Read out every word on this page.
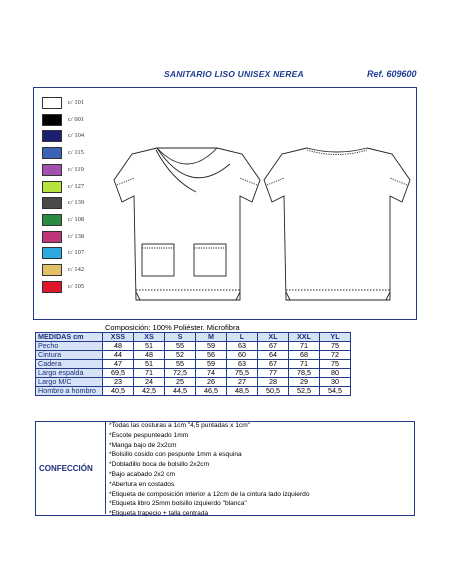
SANITARIO LISO UNISEX NEREA	Ref. 609600
c/ 101
c/ 001
c/ 104
c/ 115
c/ 119
c/ 127
c/ 139
c/ 108
c/ 138
c/ 107
c/ 142
c/ 105
Composición: 100% Poliéster. Microfibra
MEDIDAS cm	XSS	XS	S	M	L	XL	XXL	YL
Pecho	48	51	55	59	63	67	71	75
Cintura	44	48	52	56	60	64	68	72
Cadera	47	51	55	59	63	67	71	75
Largo espalda	69,5	71	72,5	74	75,5	77	78,5	80
Largo M/C	23	24	25	26	27	28	29	30
Hombro a hombro	40,5	42,5	44,5	46,5	48,5	50,5	52,5	54,5
CONFECCIÓN
*Todas las costuras a 1cm "4,5 puntadas x 1cm"
*Escote pespunteado 1mm
*Manga bajo de 2x2cm
*Bolsillo cosido con pespunte 1mm a esquina
*Dobladillo boca de bolsillo 2x2cm
*Bajo acabado 2x2 cm
*Abertura en costados
*Etiqueta de composición interior a 12cm de la cintura lado izquierdo
*Etiqueta libro 25mm bolsillo izquierdo "blanca"
*Etiqueta trapecio + talla centrada
